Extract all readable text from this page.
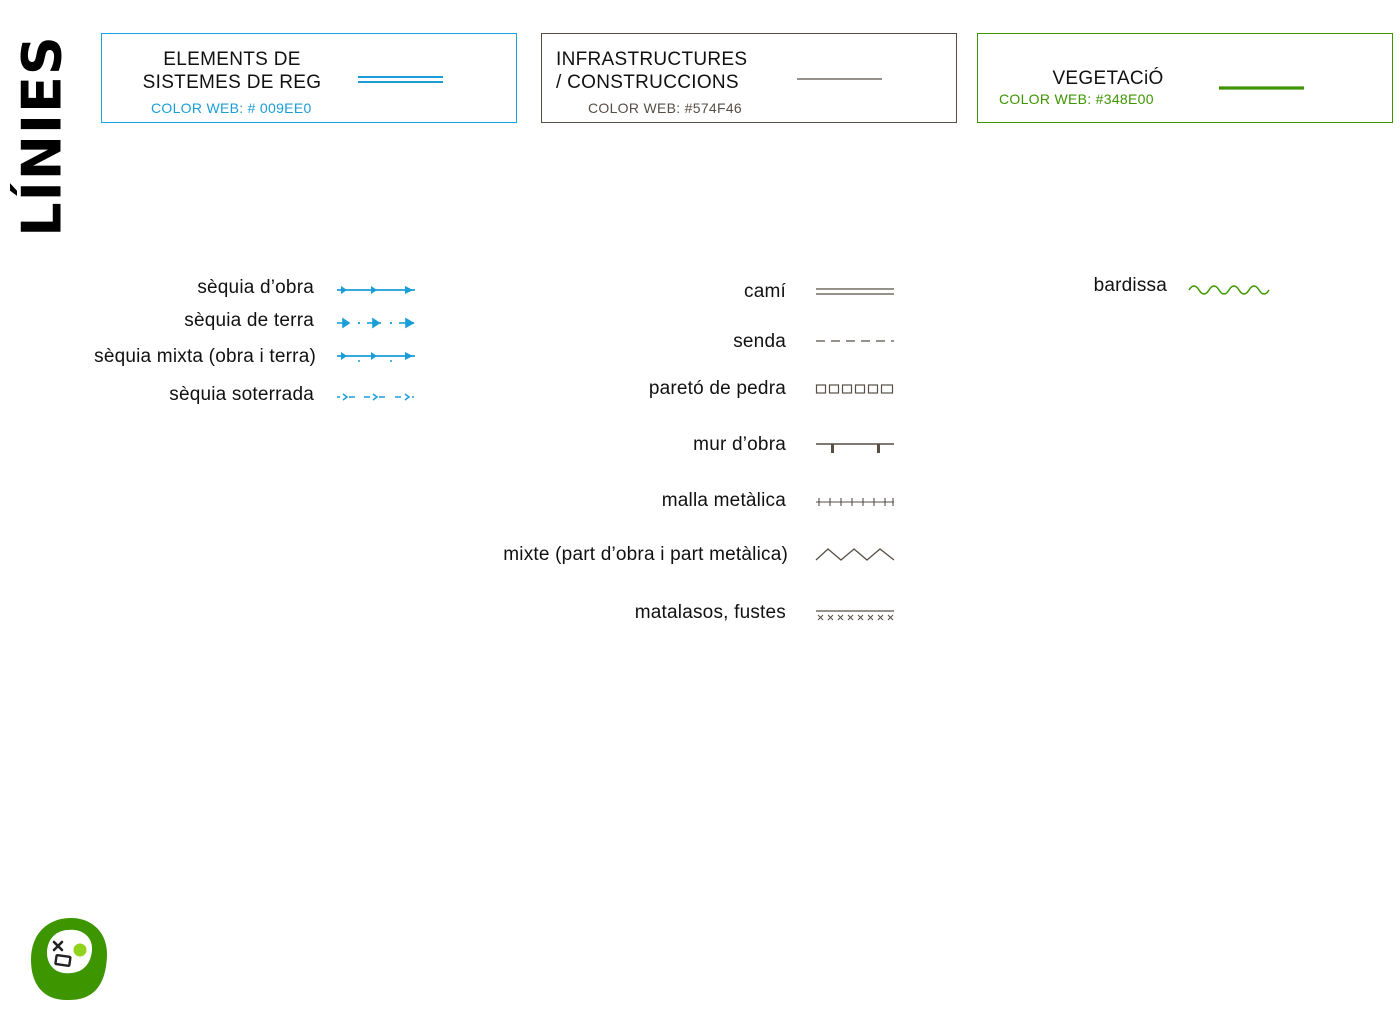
LÍNIES	ELEMENTS DE
SISTEMES DE REG
COLOR WEB: # 009EE0
INFRASTRUCTURES
/ CONSTRUCCIONS
COLOR WEB: #574F46
VEGETACiÓ
COLOR WEB: #348E00
sèquia d’obra
sèquia de terra
sèquia mixta (obra i terra)
sèquia soterrada
camí
senda
paretó de pedra
mur d’obra
malla metàlica
mixte (part d’obra i part metàlica)
matalasos, fustes
bardissa
